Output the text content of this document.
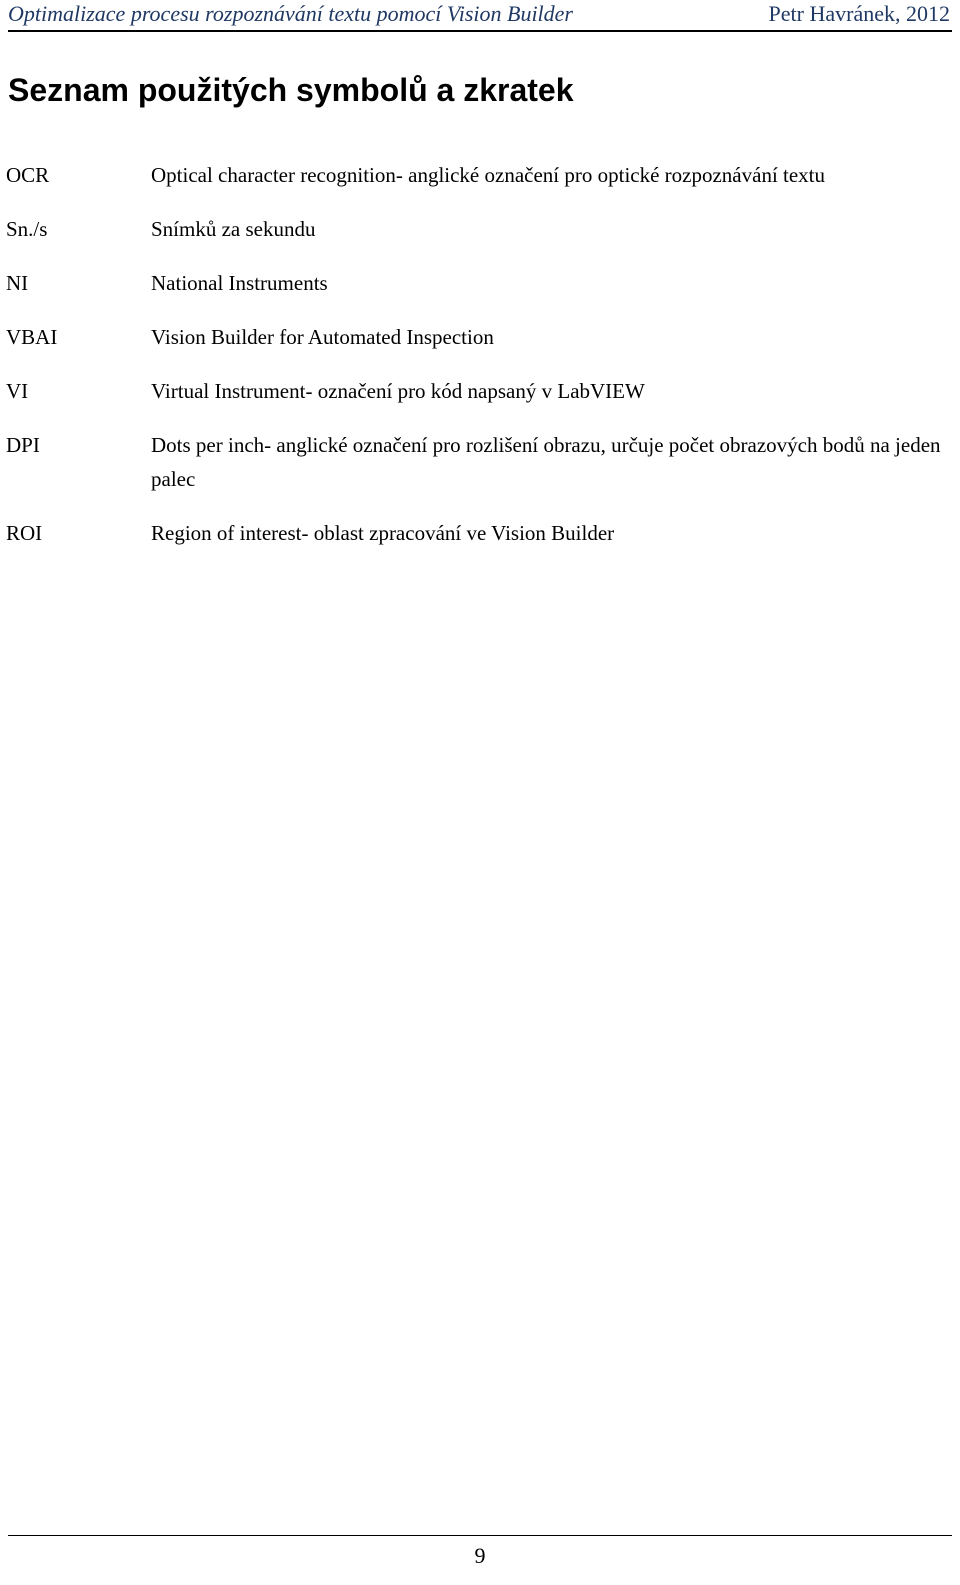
Optimalizace procesu rozpoznávání textu pomocí Vision Builder	Petr Havránek, 2012
Seznam použitých symbolů a zkratek
OCR	Optical character recognition- anglické označení pro optické rozpoznávání textu
Sn./s	Snímků za sekundu
NI	National Instruments
VBAI	Vision Builder for Automated Inspection
VI	Virtual Instrument- označení pro kód napsaný v LabVIEW
DPI	Dots per inch- anglické označení pro rozlišení obrazu, určuje počet obrazových bodů na jeden palec
ROI	Region of interest- oblast zpracování ve Vision Builder
9
